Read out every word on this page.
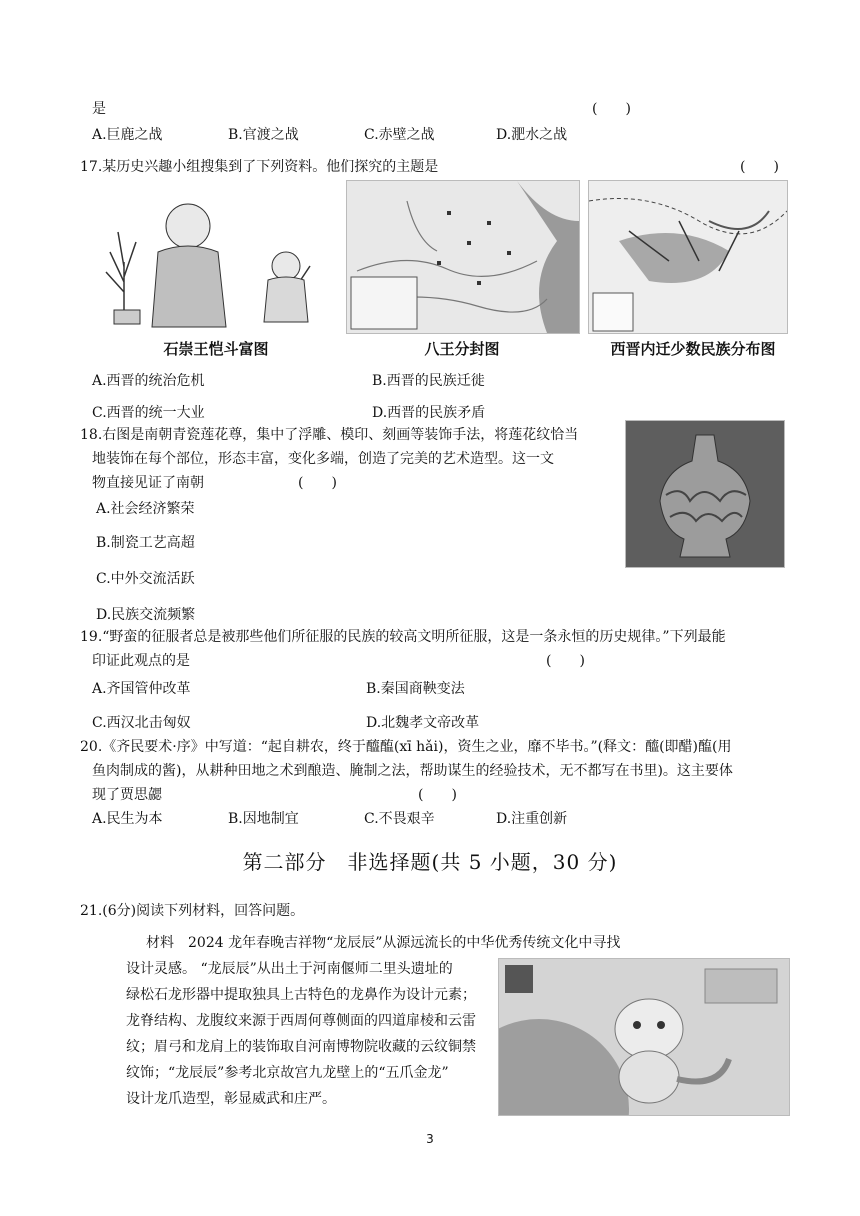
是	(　　)
A.巨鹿之战	B.官渡之战	C.赤壁之战	D.淝水之战
17.某历史兴趣小组搜集到了下列资料。他们探究的主题是	(　　)
石崇王恺斗富图	八王分封图	西晋内迁少数民族分布图
A.西晋的统治危机	B.西晋的民族迁徙
C.西晋的统一大业	D.西晋的民族矛盾
18.右图是南朝青瓷莲花尊，集中了浮雕、模印、刻画等装饰手法，将莲花纹恰当
地装饰在每个部位，形态丰富，变化多端，创造了完美的艺术造型。这一文
物直接见证了南朝	(　　)
A.社会经济繁荣
B.制瓷工艺高超
C.中外交流活跃
D.民族交流频繁
19.“野蛮的征服者总是被那些他们所征服的民族的较高文明所征服，这是一条永恒的历史规律。”下列最能
印证此观点的是	(　　)
A.齐国管仲改革	B.秦国商鞅变法
C.西汉北击匈奴	D.北魏孝文帝改革
20.《齐民要术·序》中写道：“起自耕农，终于醯醢(xī hǎi)，资生之业，靡不毕书。”(释文：醯(即醋)醢(用
鱼肉制成的酱)，从耕种田地之术到酿造、腌制之法，帮助谋生的经验技术，无不都写在书里)。这主要体
现了贾思勰	(　　)
A.民生为本	B.因地制宜	C.不畏艰辛	D.注重创新
第二部分　非选择题(共 5 小题，30 分)
21.(6分)阅读下列材料，回答问题。
材料　2024 龙年春晚吉祥物“龙辰辰”从源远流长的中华优秀传统文化中寻找
设计灵感。 “龙辰辰”从出土于河南偃师二里头遗址的
绿松石龙形器中提取独具上古特色的龙鼻作为设计元素；
龙脊结构、龙腹纹来源于西周何尊侧面的四道扉棱和云雷
纹；眉弓和龙肩上的装饰取自河南博物院收藏的云纹铜禁
纹饰；“龙辰辰”参考北京故宫九龙壁上的“五爪金龙”
设计龙爪造型，彰显威武和庄严。
3
